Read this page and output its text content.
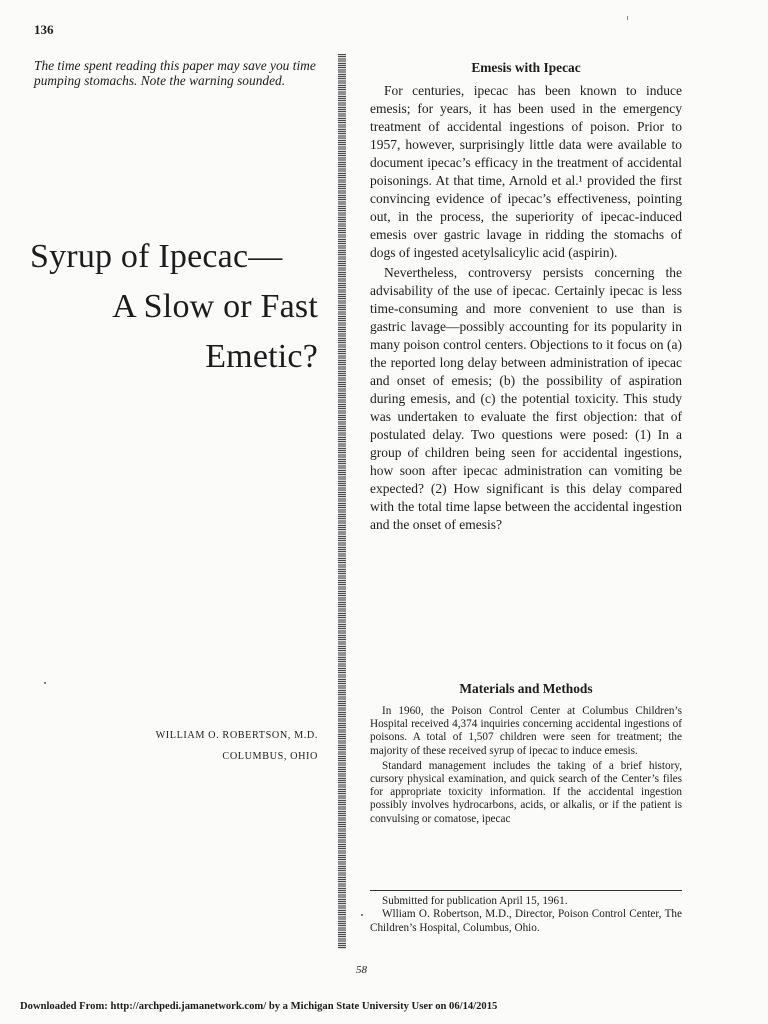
136

The time spent reading this paper may save you time pumping stomachs. Note the warning sounded.

Syrup of Ipecac—
A Slow or Fast
Emetic?
WILLIAM O. ROBERTSON, M.D.
COLUMBUS, OHIO
Emesis with Ipecac

For centuries, ipecac has been known to induce emesis; for years, it has been used in the emergency treatment of accidental ingestions of poison. Prior to 1957, however, surprisingly little data were available to document ipecac’s efficacy in the treatment of accidental poisonings. At that time, Arnold et al.¹ provided the first convincing evidence of ipecac’s effectiveness, pointing out, in the process, the superiority of ipecac-induced emesis over gastric lavage in ridding the stomachs of dogs of ingested acetylsalicylic acid (aspirin).

Nevertheless, controversy persists concerning the advisability of the use of ipecac. Certainly ipecac is less time-consuming and more convenient to use than is gastric lavage—possibly accounting for its popularity in many poison control centers. Objections to it focus on (a) the reported long delay between administration of ipecac and onset of emesis; (b) the possibility of aspiration during emesis, and (c) the potential toxicity. This study was undertaken to evaluate the first objection: that of postulated delay. Two questions were posed: (1) In a group of children being seen for accidental ingestions, how soon after ipecac administration can vomiting be expected? (2) How significant is this delay compared with the total time lapse between the accidental ingestion and the onset of emesis?

Materials and Methods

In 1960, the Poison Control Center at Columbus Children’s Hospital received 4,374 inquiries concerning accidental ingestions of poisons. A total of 1,507 children were seen for treatment; the majority of these received syrup of ipecac to induce emesis.

Standard management includes the taking of a brief history, cursory physical examination, and quick search of the Center’s files for appropriate toxicity information. If the accidental ingestion possibly involves hydrocarbons, acids, or alkalis, or if the patient is convulsing or comatose, ipecac

Submitted for publication April 15, 1961.

Wlliam O. Robertson, M.D., Director, Poison Control Center, The Children’s Hospital, Columbus, Ohio.

58
Downloaded From: http://archpedi.jamanetwork.com/ by a Michigan State University User on 06/14/2015
